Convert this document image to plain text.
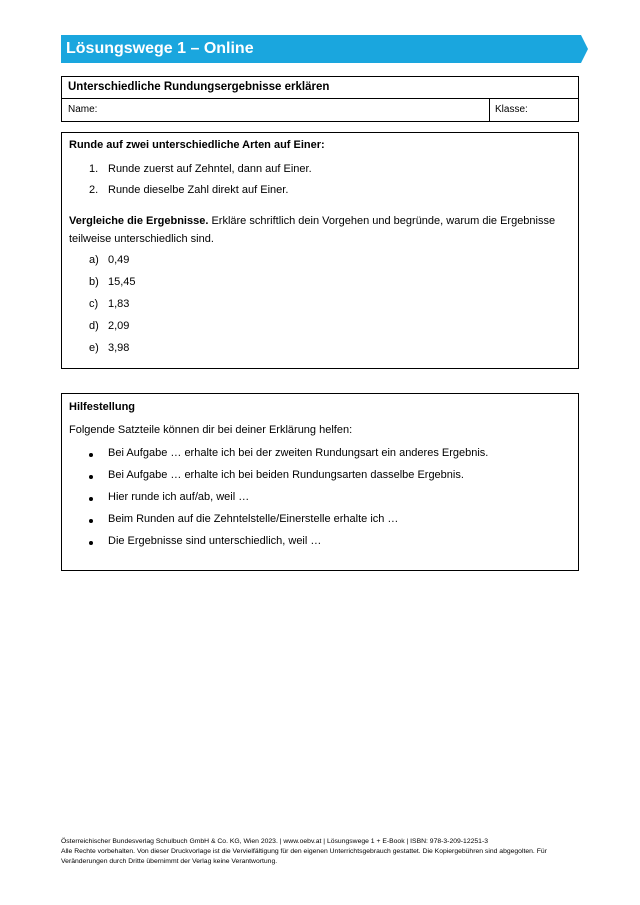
Lösungswege 1 – Online
Unterschiedliche Rundungsergebnisse erklären
Name:	Klasse:
Runde auf zwei unterschiedliche Arten auf Einer:
1. Runde zuerst auf Zehntel, dann auf Einer.
2. Runde dieselbe Zahl direkt auf Einer.
Vergleiche die Ergebnisse. Erkläre schriftlich dein Vorgehen und begründe, warum die Ergebnisse teilweise unterschiedlich sind.
a) 0,49
b) 15,45
c) 1,83
d) 2,09
e) 3,98
Hilfestellung
Folgende Satzteile können dir bei deiner Erklärung helfen:
Bei Aufgabe … erhalte ich bei der zweiten Rundungsart ein anderes Ergebnis.
Bei Aufgabe … erhalte ich bei beiden Rundungsarten dasselbe Ergebnis.
Hier runde ich auf/ab, weil …
Beim Runden auf die Zehntelstelle/Einerstelle erhalte ich …
Die Ergebnisse sind unterschiedlich, weil …
Österreichischer Bundesverlag Schulbuch GmbH & Co. KG, Wien 2023. | www.oebv.at | Lösungswege 1 + E-Book | ISBN: 978-3-209-12251-3
Alle Rechte vorbehalten. Von dieser Druckvorlage ist die Vervielfältigung für den eigenen Unterrichtsgebrauch gestattet. Die Kopiergebühren sind abgegolten. Für Veränderungen durch Dritte übernimmt der Verlag keine Verantwortung.
